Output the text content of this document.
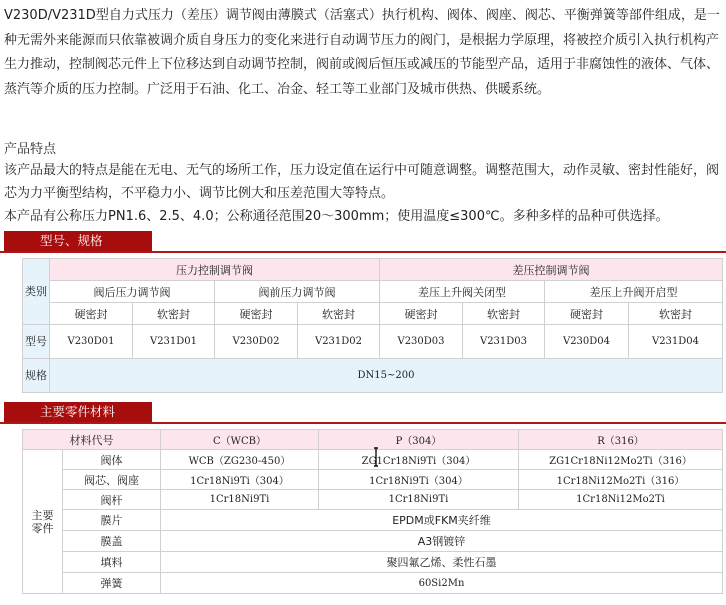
V230D/V231D型自力式压力（差压）调节阀由薄膜式（活塞式）执行机构、阀体、阀座、阀芯、平衡弹簧等部件组成，是一种无需外来能源而只依靠被调介质自身压力的变化来进行自动调节压力的阀门，是根据力学原理，将被控介质引入执行机构产生力推动，控制阀芯元件上下位移达到自动调节控制，阀前或阀后恒压或减压的节能型产品，适用于非腐蚀性的液体、气体、蒸汽等介质的压力控制。广泛用于石油、化工、冶金、轻工等工业部门及城市供热、供暖系统。
产品特点
该产品最大的特点是能在无电、无气的场所工作，压力设定值在运行中可随意调整。调整范围大，动作灵敏、密封性能好，阀芯为力平衡型结构，不平稳力小、调节比例大和压差范围大等特点。
本产品有公称压力PN1.6、2.5、4.0；公称通径范围20～300mm；使用温度≤300℃。多种多样的品种可供选择。
型号、规格
类别	压力控制调节阀				差压控制调节阀			
	阀后压力调节阀		阀前压力调节阀		差压上升阀关闭型		差压上升阀开启型	
	硬密封	软密封	硬密封	软密封	硬密封	软密封	硬密封	软密封
型号	V230D01	V231D01	V230D02	V231D02	V230D03	V231D03	V230D04	V231D04
规格	DN15~200							
主要零件材料
材料代号		C（WCB）	P（304）	R（316）
主要零件	阀体	WCB（ZG230-450）	ZG1Cr18Ni9Ti（304）	ZG1Cr18Ni12Mo2Ti（316）
	阀芯、阀座	1Cr18Ni9Ti（304）	1Cr18Ni9Ti（304）	1Cr18Ni12Mo2Ti（316）
	阀杆	1Cr18Ni9Ti	1Cr18Ni9Ti	1Cr18Ni12Mo2Ti
	膜片	EPDM或FKM夹纤维		
	膜盖	A3钢镀锌		
	填料	聚四氟乙烯、柔性石墨		
	弹簧	60Si2Mn		
